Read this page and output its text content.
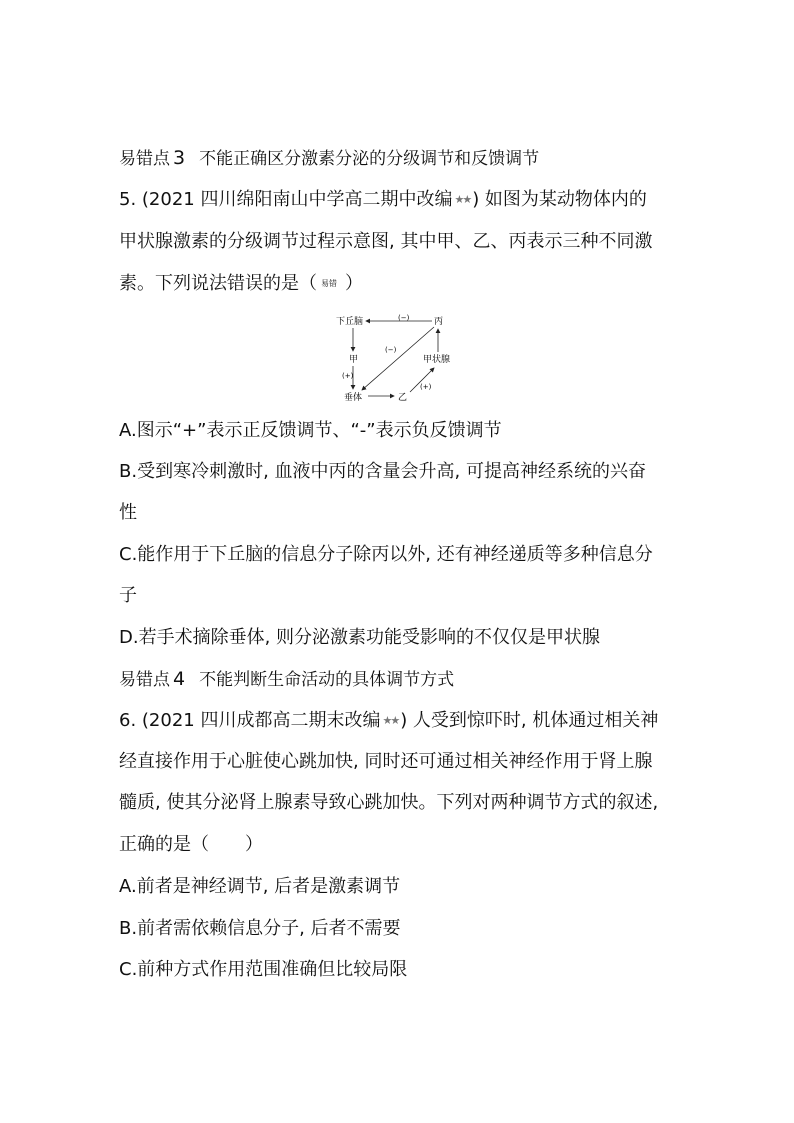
易错点 3 不能正确区分激素分泌的分级调节和反馈调节
5. (2021 四川绵阳南山中学高二期中改编 ★★ ) 如图为某动物体内的
甲状腺激素的分级调节过程示意图, 其中甲、乙、丙表示三种不同激
素。下列说法错误的是（ 易错 ）
下丘脑	丙
甲	甲状腺
垂体	乙
(−)
(−)
(+)
(+)
A.图示“+”表示正反馈调节、“-”表示负反馈调节
B.受到寒冷刺激时, 血液中丙的含量会升高, 可提高神经系统的兴奋
性
C.能作用于下丘脑的信息分子除丙以外, 还有神经递质等多种信息分
子
D.若手术摘除垂体, 则分泌激素功能受影响的不仅仅是甲状腺
易错点 4 不能判断生命活动的具体调节方式
6. (2021 四川成都高二期末改编 ★★ ) 人受到惊吓时, 机体通过相关神
经直接作用于心脏使心跳加快, 同时还可通过相关神经作用于肾上腺
髓质, 使其分泌肾上腺素导致心跳加快。下列对两种调节方式的叙述,
正确的是（　　）
A.前者是神经调节, 后者是激素调节
B.前者需依赖信息分子, 后者不需要
C.前种方式作用范围准确但比较局限
